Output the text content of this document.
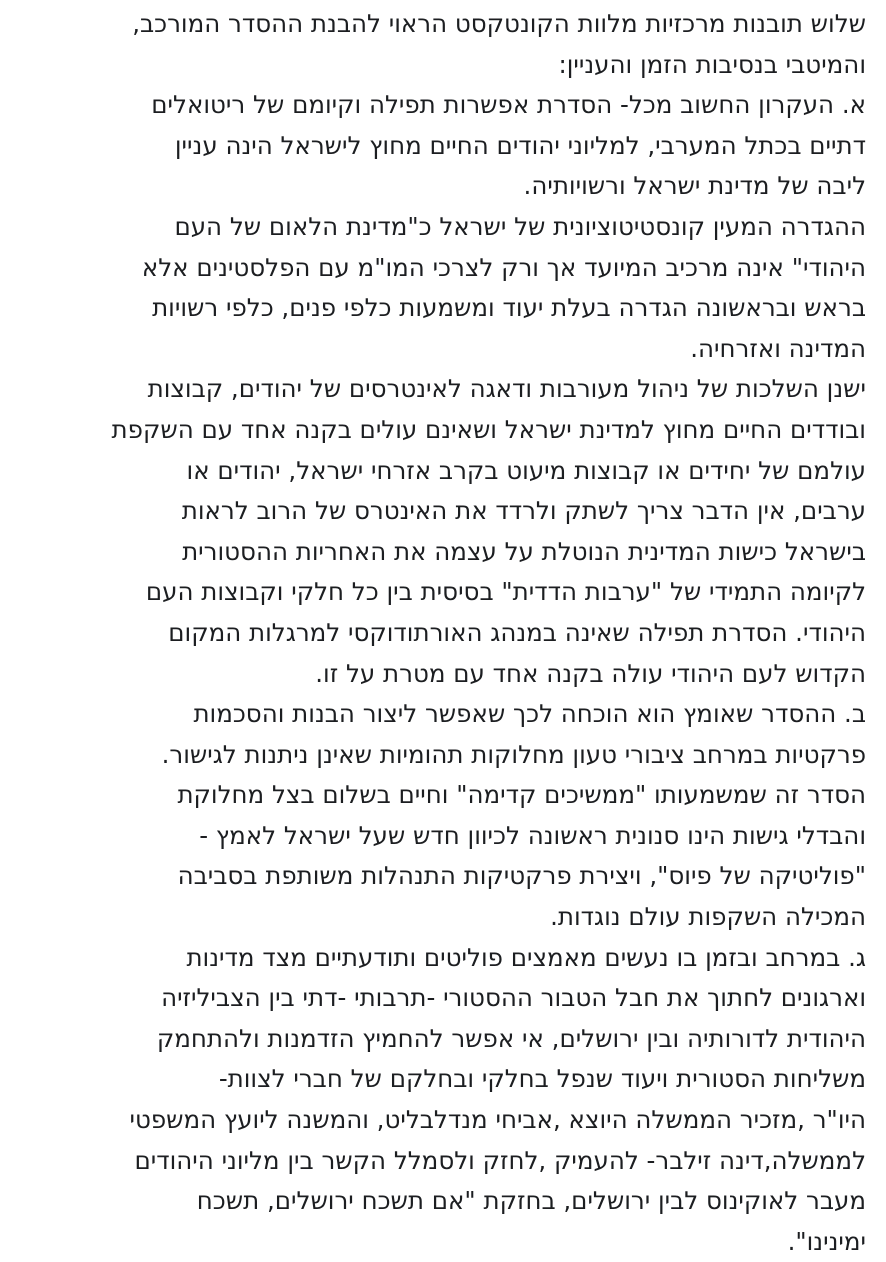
שלוש תובנות מרכזיות מלוות הקונטקסט הראוי להבנת ההסדר המורכב,
והמיטבי בנסיבות הזמן והעניין:
א. העקרון החשוב מכל- הסדרת אפשרות תפילה וקיומם של ריטואלים
דתיים בכתל המערבי, למליוני יהודים החיים מחוץ לישראל הינה עניין
ליבה של מדינת ישראל ורשויותיה.
ההגדרה המעין קונסטיטוציונית של ישראל כ"מדינת הלאום של העם
היהודי" אינה מרכיב המיועד אך ורק לצרכי המו"מ עם הפלסטינים אלא
בראש ובראשונה הגדרה בעלת יעוד ומשמעות כלפי פנים, כלפי רשויות
המדינה ואזרחיה.
ישנן השלכות של ניהול מעורבות ודאגה לאינטרסים של יהודים, קבוצות
ובודדים החיים מחוץ למדינת ישראל ושאינם עולים בקנה אחד עם השקפת
עולמם של יחידים או קבוצות מיעוט בקרב אזרחי ישראל, יהודים או
ערבים, אין הדבר צריך לשתק ולרדד את האינטרס של הרוב לראות
בישראל כישות המדינית הנוטלת על עצמה את האחריות ההסטורית
לקיומה התמידי של "ערבות הדדית" בסיסית בין כל חלקי וקבוצות העם
היהודי. הסדרת תפילה שאינה במנהג האורתודוקסי למרגלות המקום
הקדוש לעם היהודי עולה בקנה אחד עם מטרת על זו.
ב. ההסדר שאומץ הוא הוכחה לכך שאפשר ליצור הבנות והסכמות
פרקטיות במרחב ציבורי טעון מחלוקות תהומיות שאינן ניתנות לגישור.
הסדר זה שמשמעותו "ממשיכים קדימה" וחיים בשלום בצל מחלוקת
והבדלי גישות הינו סנונית ראשונה לכיוון חדש שעל ישראל לאמץ -
"פוליטיקה של פיוס", ויצירת פרקטיקות התנהלות משותפת בסביבה
המכילה השקפות עולם נוגדות.
ג. במרחב ובזמן בו נעשים מאמצים פוליטים ותודעתיים מצד מדינות
וארגונים לחתוך את חבל הטבור ההסטורי -תרבותי -דתי בין הצביליזיה
היהודית לדורותיה ובין ירושלים, אי אפשר להחמיץ הזדמנות ולהתחמק
משליחות הסטורית ויעוד שנפל בחלקי ובחלקם של חברי לצוות-
היו"ר ,מזכיר הממשלה היוצא ,אביחי מנדלבליט, והמשנה ליועץ המשפטי
לממשלה,דינה זילבר- להעמיק ,לחזק ולסמלל הקשר בין מליוני היהודים
מעבר לאוקינוס לבין ירושלים, בחזקת "אם תשכח ירושלים, תשכח
ימינינו".
